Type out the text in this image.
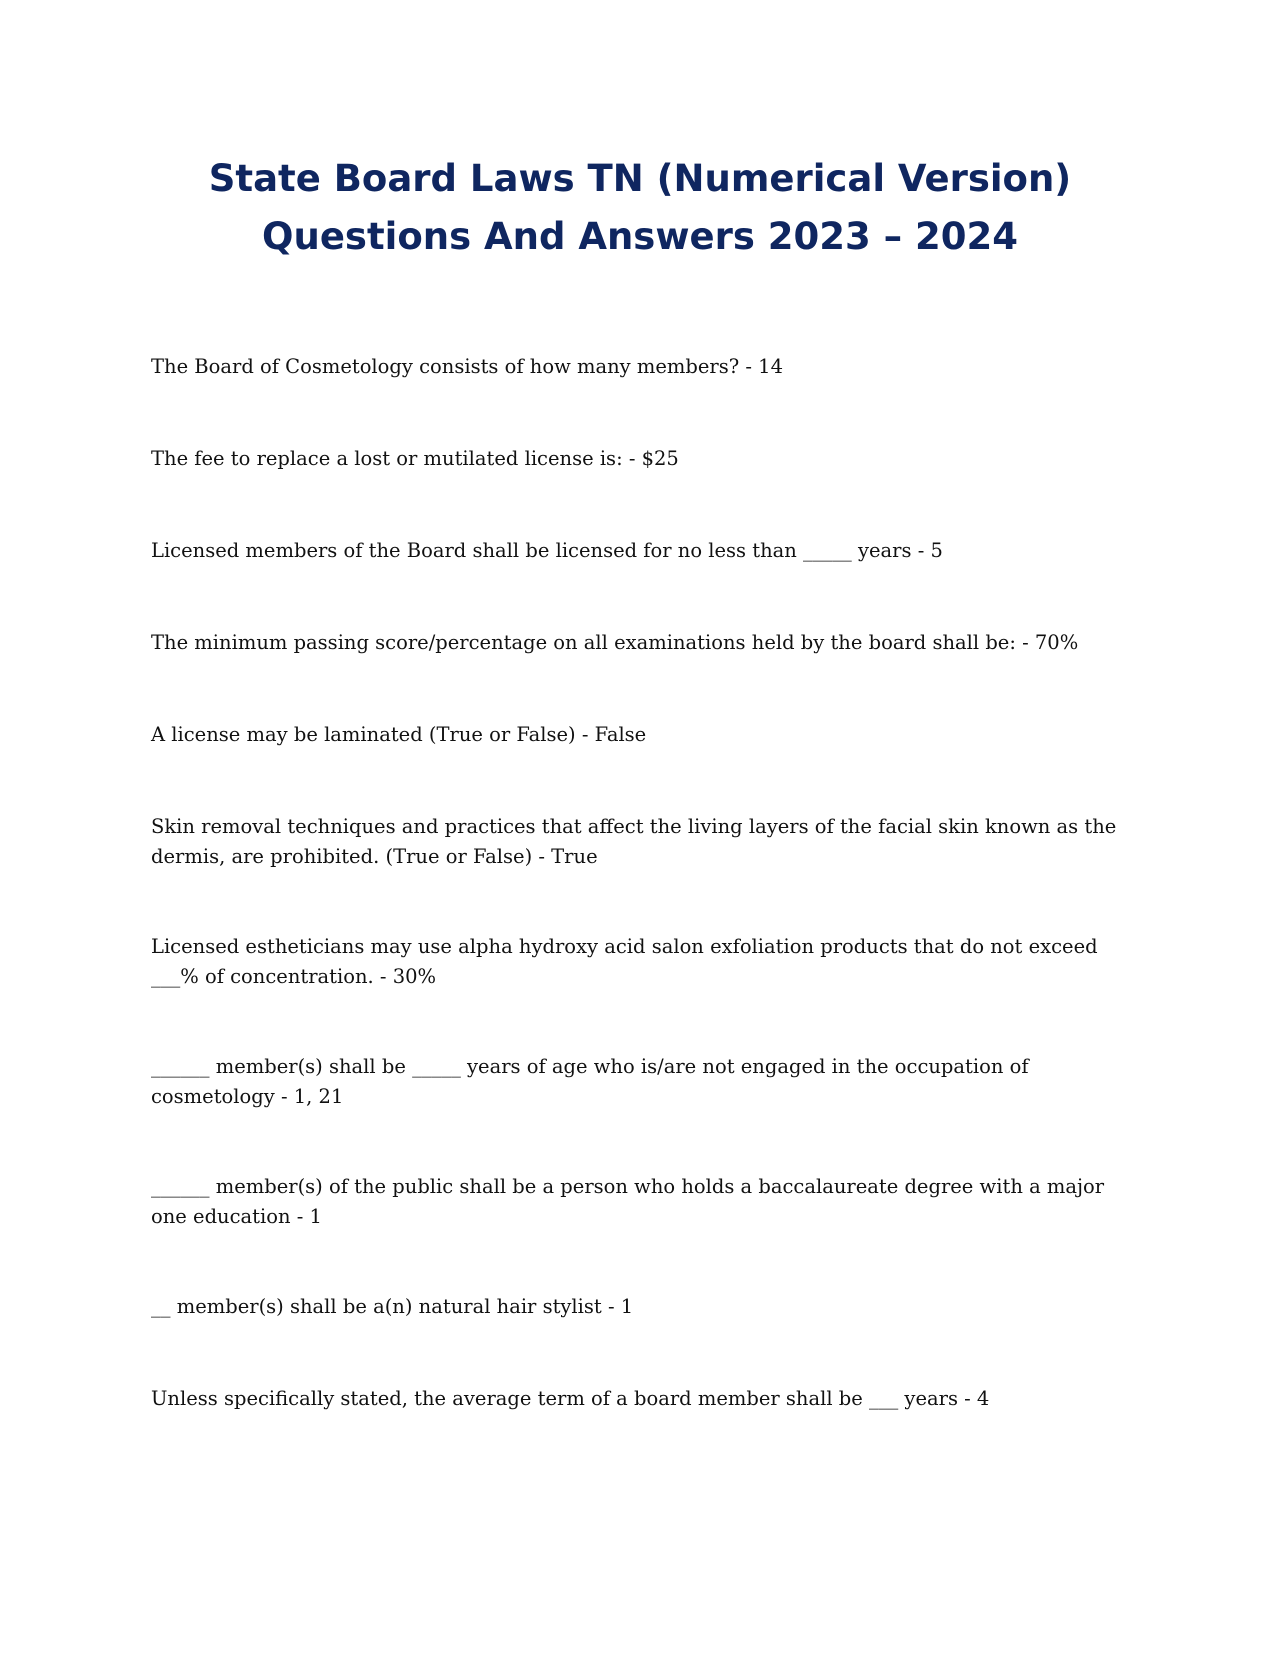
State Board Laws TN (Numerical Version)
Questions And Answers 2023 – 2024
The Board of Cosmetology consists of how many members? - 14
The fee to replace a lost or mutilated license is: - $25
Licensed members of the Board shall be licensed for no less than _____ years - 5
The minimum passing score/percentage on all examinations held by the board shall be: - 70%
A license may be laminated (True or False) - False
Skin removal techniques and practices that affect the living layers of the facial skin known as the dermis, are prohibited. (True or False) - True
Licensed estheticians may use alpha hydroxy acid salon exfoliation products that do not exceed ___% of concentration. - 30%
______ member(s) shall be _____ years of age who is/are not engaged in the occupation of cosmetology - 1, 21
______ member(s) of the public shall be a person who holds a baccalaureate degree with a major one education - 1
__ member(s) shall be a(n) natural hair stylist - 1
Unless specifically stated, the average term of a board member shall be ___ years - 4
